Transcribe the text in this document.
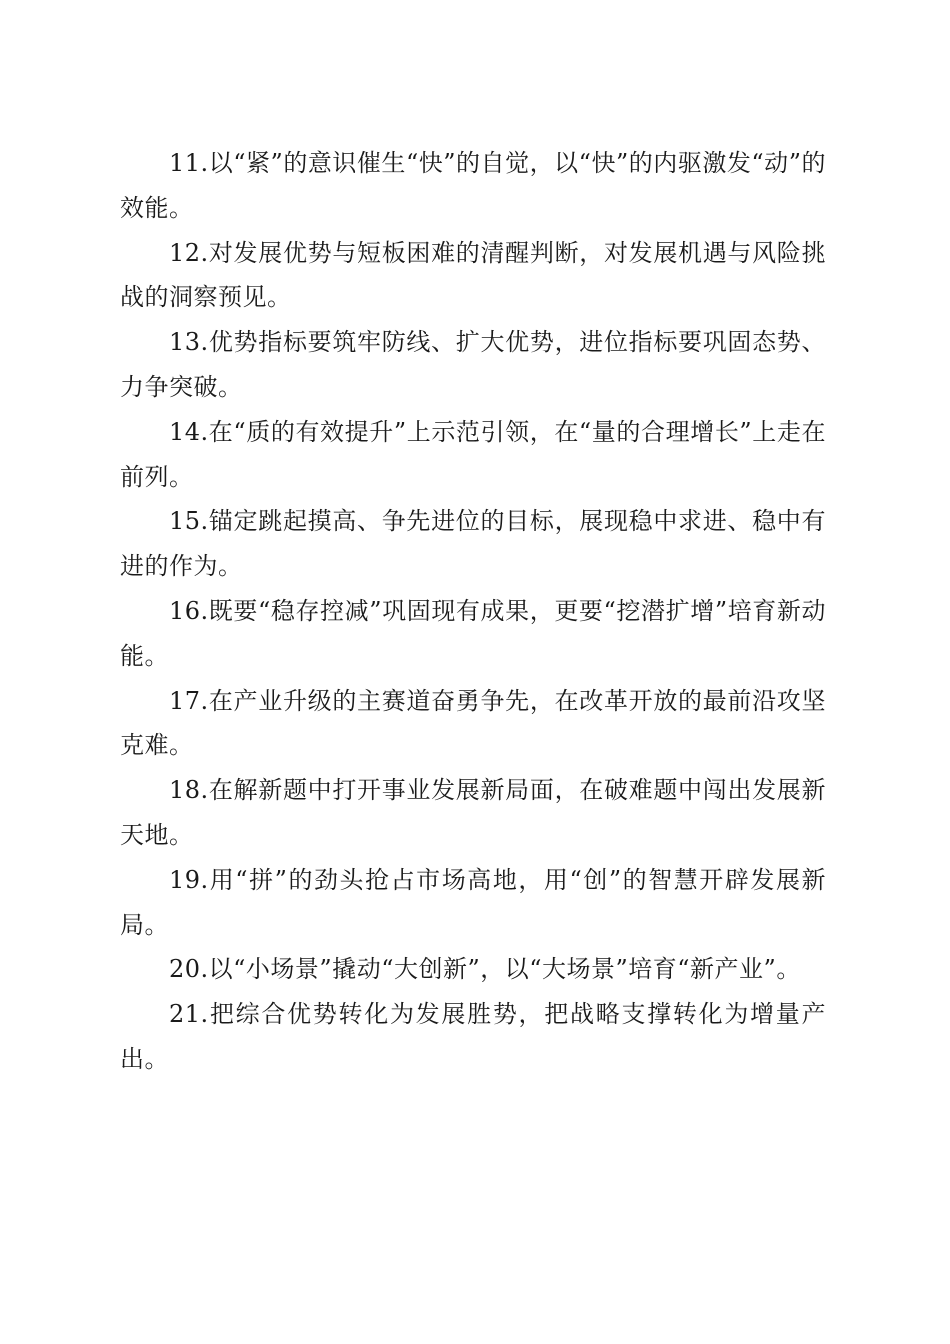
11.以“紧”的意识催生“快”的自觉，以“快”的内驱激发“动”的效能。

12.对发展优势与短板困难的清醒判断，对发展机遇与风险挑战的洞察预见。

13.优势指标要筑牢防线、扩大优势，进位指标要巩固态势、力争突破。

14.在“质的有效提升”上示范引领，在“量的合理增长”上走在前列。

15.锚定跳起摸高、争先进位的目标，展现稳中求进、稳中有进的作为。

16.既要“稳存控减”巩固现有成果，更要“挖潜扩增”培育新动能。

17.在产业升级的主赛道奋勇争先，在改革开放的最前沿攻坚克难。

18.在解新题中打开事业发展新局面，在破难题中闯出发展新天地。

19.用“拼”的劲头抢占市场高地，用“创”的智慧开辟发展新局。

20.以“小场景”撬动“大创新”，以“大场景”培育“新产业”。

21.把综合优势转化为发展胜势，把战略支撑转化为增量产出。
